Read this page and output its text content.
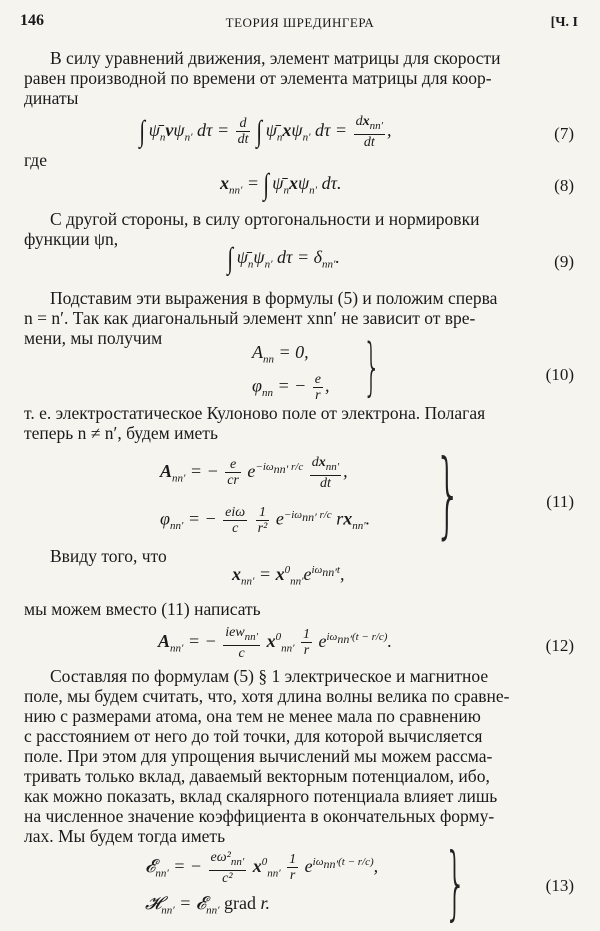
146	ТЕОРИЯ ШРЕДИНГЕРА	[Ч. I
В силу уравнений движения, элемент матрицы для скорости
равен производной по времени от элемента матрицы для коор-
динаты
∫ $\psī_nv\psi_{n'}$ $d\tau = \frac{d}{dt}$ ∫ $\psī_nx\psi_{n'}$ $d\tau = dx_{nn'}$
dt
,	(7)
где
$x_{nn'}$ = ∫ $\psī_nx\psi_{n'}$ dτ.	(8)
С другой стороны, в силу ортогональности и нормировки
функции ψn,
∫ $\psī_n\psi_{n'}$ $d\tau = \delta_{nn'}$.	(9)
Подставим эти выражения в формулы (5) и положим сперва
n = n′. Так как диагональный элемент xnn′ не зависит от вре-
мени, мы получим
$A_{nn} = 0$,
$\varphi_{nn}$ = − $\frac{e}{r}$ , }	(10)
т. е. электростатическое Кулоново поле от электрона. Полагая
теперь n ≠ n′, будем иметь
$A_{nn'}$ = − $\frac{e}{cr} e^{-i\omega_{nn'} r/c}$ $dx_{nn'}$
dt
,
$\varphi_{nn'}$ = − eiω
c
	$\frac{1}{\text{r²}} e^{-i\omega_{nn'} r/c}$ $rx_{nn'}$. }	(11)
Ввиду того, что
$x_{nn'} = x^0_{nn'}e^{i\omega_{nn'}t}$,
мы можем вместо (11) написать
$A_{nn'}$ = − iew$_{nn'}$
c
$x^0_{nn'} \frac{1}{r} e^{i\omega_{nn'}(t - r/c)}$.	(12)
Составляя по формулам (5) § 1 электрическое и магнитное
поле, мы будем считать, что, хотя длина волны велика по сравне-
нию с размерами атома, она тем не менее мала по сравнению
с расстоянием от него до той точки, для которой вычисляется
поле. При этом для упрощения вычислений мы можем рассма-
тривать только вклад, даваемый векторным потенциалом, ибо,
как можно показать, вклад скалярного потенциала влияет лишь
на численное значение коэффициента в окончательных форму-
лах. Мы будем тогда иметь
𝓔$_{nn'}$ = − $\frac{e\omega^2_{nn'}}{\text{c²}} x^0_{nn'} \frac{1}{r} e^{i\omega_{nn'}(t - r/c)}$,
𝓗$_{nn'}$ = 𝓔$_{nn'}$ grad r. }	(13)
